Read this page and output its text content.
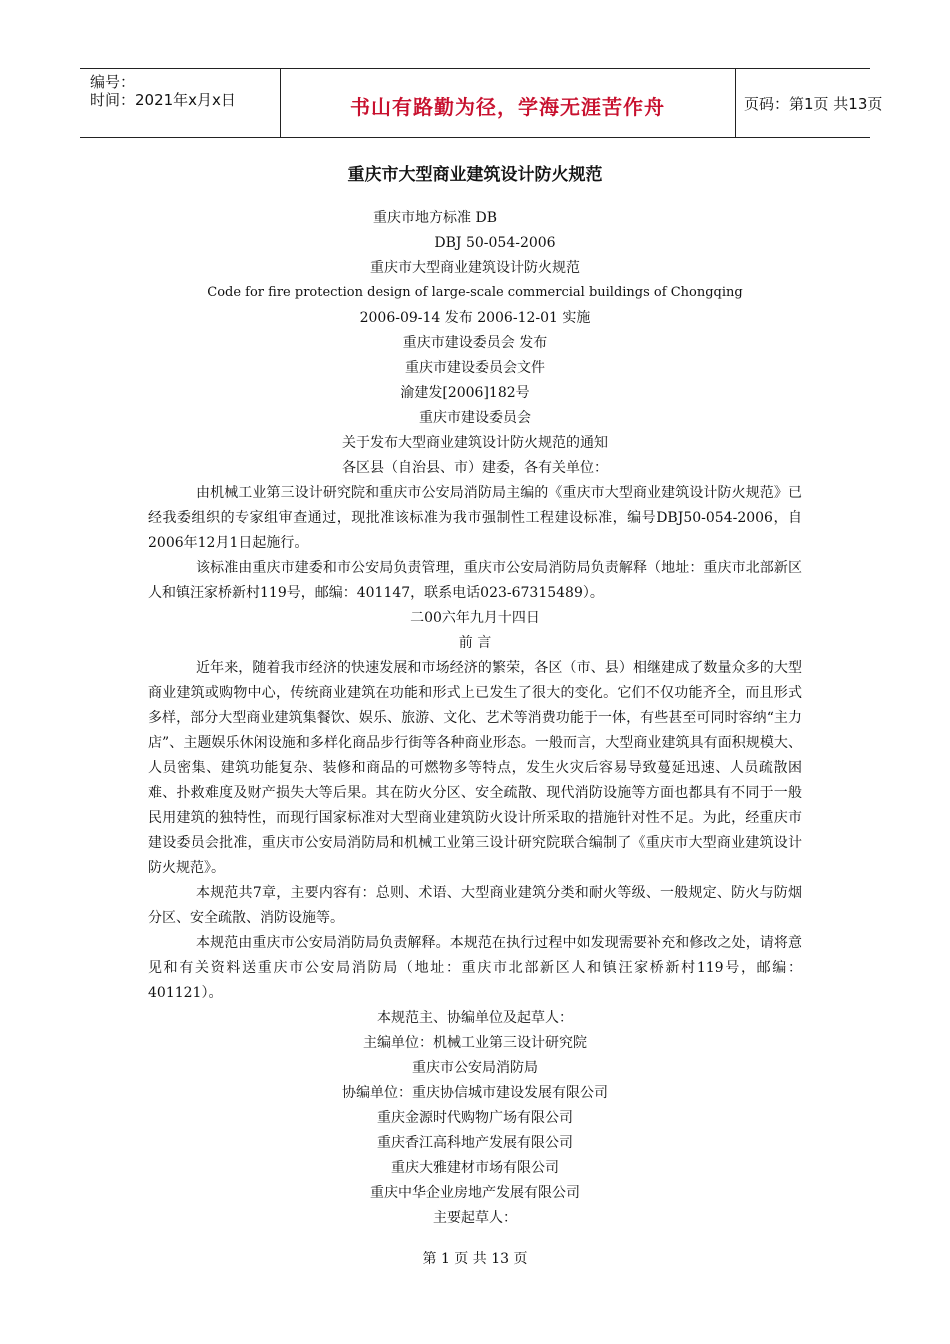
编号：
时间：2021年x月x日	书山有路勤为径，学海无涯苦作舟	页码：第1页 共13页
重庆市大型商业建筑设计防火规范
重庆市地方标准 DB
DBJ 50-054-2006
重庆市大型商业建筑设计防火规范
Code for fire protection design of large-scale commercial buildings of Chongqing
2006-09-14 发布 2006-12-01 实施
重庆市建设委员会 发布
重庆市建设委员会文件
渝建发[2006]182号
重庆市建设委员会
关于发布大型商业建筑设计防火规范的通知
各区县（自治县、市）建委，各有关单位：
由机械工业第三设计研究院和重庆市公安局消防局主编的《重庆市大型商业建筑设计防火规范》已经我委组织的专家组审查通过，现批准该标准为我市强制性工程建设标准，编号DBJ50-054-2006，自2006年12月1日起施行。
该标准由重庆市建委和市公安局负责管理，重庆市公安局消防局负责解释（地址：重庆市北部新区人和镇汪家桥新村119号，邮编：401147，联系电话023-67315489）。
二00六年九月十四日
前 言
近年来，随着我市经济的快速发展和市场经济的繁荣，各区（市、县）相继建成了数量众多的大型商业建筑或购物中心，传统商业建筑在功能和形式上已发生了很大的变化。它们不仅功能齐全，而且形式多样，部分大型商业建筑集餐饮、娱乐、旅游、文化、艺术等消费功能于一体，有些甚至可同时容纳“主力店”、主题娱乐休闲设施和多样化商品步行街等各种商业形态。一般而言，大型商业建筑具有面积规模大、人员密集、建筑功能复杂、装修和商品的可燃物多等特点，发生火灾后容易导致蔓延迅速、人员疏散困难、扑救难度及财产损失大等后果。其在防火分区、安全疏散、现代消防设施等方面也都具有不同于一般民用建筑的独特性，而现行国家标准对大型商业建筑防火设计所采取的措施针对性不足。为此，经重庆市建设委员会批准，重庆市公安局消防局和机械工业第三设计研究院联合编制了《重庆市大型商业建筑设计防火规范》。
本规范共7章，主要内容有：总则、术语、大型商业建筑分类和耐火等级、一般规定、防火与防烟分区、安全疏散、消防设施等。
本规范由重庆市公安局消防局负责解释。本规范在执行过程中如发现需要补充和修改之处，请将意见和有关资料送重庆市公安局消防局（地址：重庆市北部新区人和镇汪家桥新村119号，邮编：401121）。
本规范主、协编单位及起草人：
主编单位：机械工业第三设计研究院
重庆市公安局消防局
协编单位：重庆协信城市建设发展有限公司
重庆金源时代购物广场有限公司
重庆香江高科地产发展有限公司
重庆大雅建材市场有限公司
重庆中华企业房地产发展有限公司
主要起草人：
第 1 页 共 13 页
